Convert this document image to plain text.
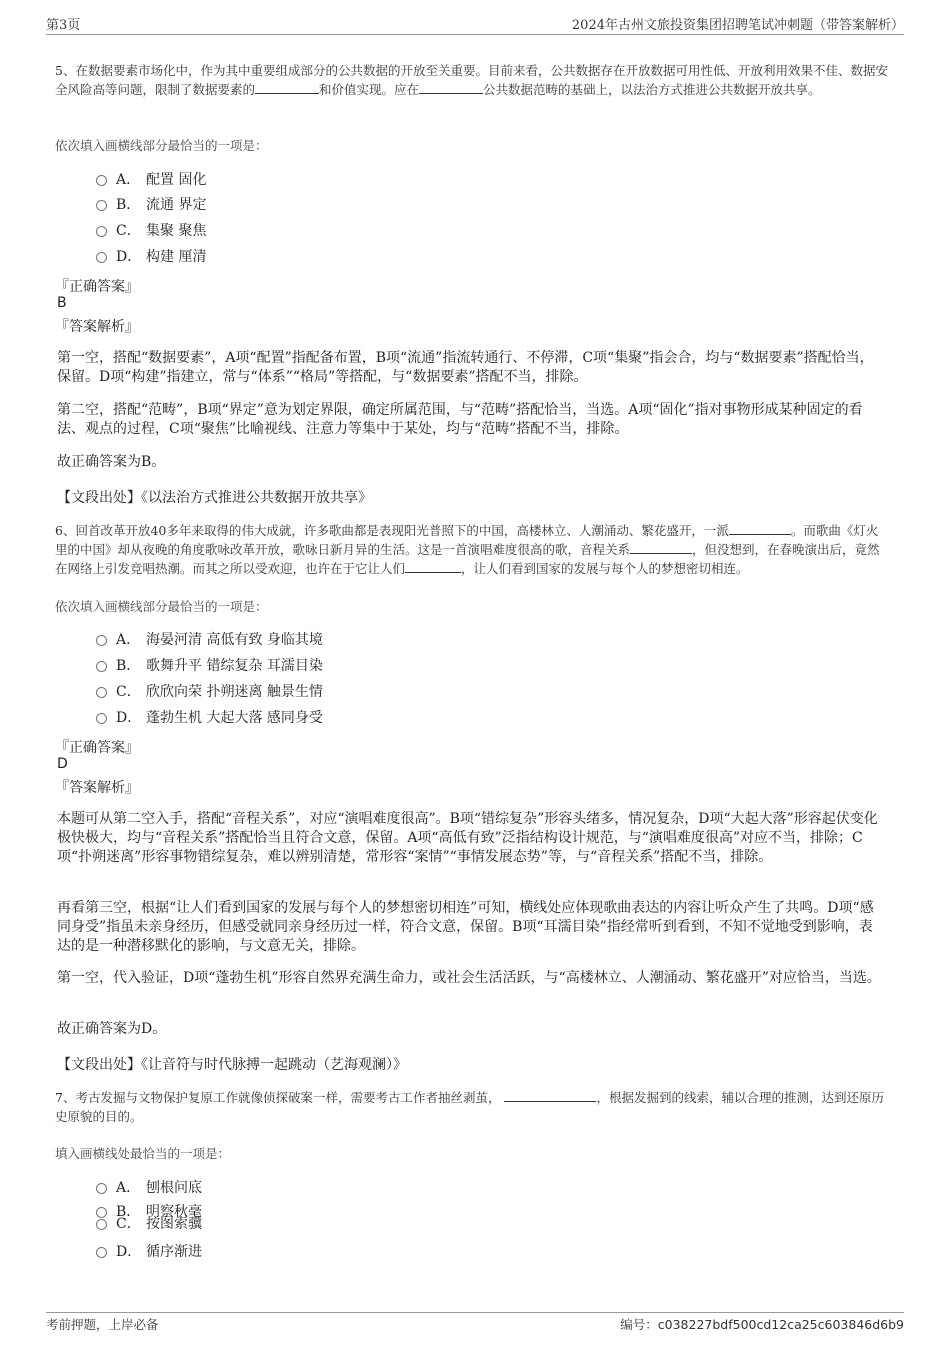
第3页	2024年古州文旅投资集团招聘笔试冲刺题（带答案解析）
5、在数据要素市场化中，作为其中重要组成部分的公共数据的开放至关重要。目前来看，公共数据存在开放数据可用性低、开放利用效果不佳、数据安全风险高等问题，限制了数据要素的	和价值实现。应在	公共数据范畴的基础上，以法治方式推进公共数据开放共享。
依次填入画横线部分最恰当的一项是：
A． 配置 固化
B． 流通 界定
C． 集聚 聚焦
D． 构建 厘清
『正确答案』
B
『答案解析』
第一空，搭配“数据要素”，A项“配置”指配备布置，B项“流通”指流转通行、不停滞，C项“集聚”指会合，均与“数据要素”搭配恰当，保留。D项“构建”指建立，常与“体系”“格局”等搭配，与“数据要素”搭配不当，排除。
第二空，搭配“范畴”，B项“界定”意为划定界限，确定所属范围，与“范畴”搭配恰当，当选。A项“固化”指对事物形成某种固定的看法、观点的过程，C项“聚焦”比喻视线、注意力等集中于某处，均与“范畴”搭配不当，排除。
故正确答案为B。
【文段出处】《以法治方式推进公共数据开放共享》
6、回首改革开放40多年来取得的伟大成就，许多歌曲都是表现阳光普照下的中国，高楼林立、人潮涌动、繁花盛开，一派	。而歌曲《灯火里的中国》却从夜晚的角度歌咏改革开放，歌咏日新月异的生活。这是一首演唱难度很高的歌，音程关系	，但没想到，在春晚演出后，竟然在网络上引发竞唱热潮。而其之所以受欢迎，也许在于它让人们	，让人们看到国家的发展与每个人的梦想密切相连。
依次填入画横线部分最恰当的一项是：
A． 海晏河清 高低有致 身临其境
B． 歌舞升平 错综复杂 耳濡目染
C． 欣欣向荣 扑朔迷离 触景生情
D． 蓬勃生机 大起大落 感同身受
『正确答案』
D
『答案解析』
本题可从第二空入手，搭配“音程关系”，对应“演唱难度很高”。B项“错综复杂”形容头绪多，情况复杂，D项“大起大落”形容起伏变化极快极大，均与“音程关系”搭配恰当且符合文意，保留。A项“高低有致”泛指结构设计规范，与“演唱难度很高”对应不当，排除；C项“扑朔迷离”形容事物错综复杂，难以辨别清楚，常形容“案情”“事情发展态势”等，与“音程关系”搭配不当，排除。
再看第三空，根据“让人们看到国家的发展与每个人的梦想密切相连”可知，横线处应体现歌曲表达的内容让听众产生了共鸣。D项“感同身受”指虽未亲身经历，但感受就同亲身经历过一样，符合文意，保留。B项“耳濡目染”指经常听到看到，不知不觉地受到影响，表达的是一种潜移默化的影响，与文意无关，排除。
第一空，代入验证，D项“蓬勃生机”形容自然界充满生命力，或社会生活活跃，与“高楼林立、人潮涌动、繁花盛开”对应恰当，当选。
故正确答案为D。
【文段出处】《让音符与时代脉搏一起跳动（艺海观澜）》
7、考古发掘与文物保护复原工作就像侦探破案一样，需要考古工作者抽丝剥茧，	，根据发掘到的线索，辅以合理的推测，达到还原历史原貌的目的。
填入画横线处最恰当的一项是：
A． 刨根问底
B． 明察秋毫
C． 按图索骥
D． 循序渐进
考前押题，上岸必备	编号：c038227bdf500cd12ca25c603846d6b9
